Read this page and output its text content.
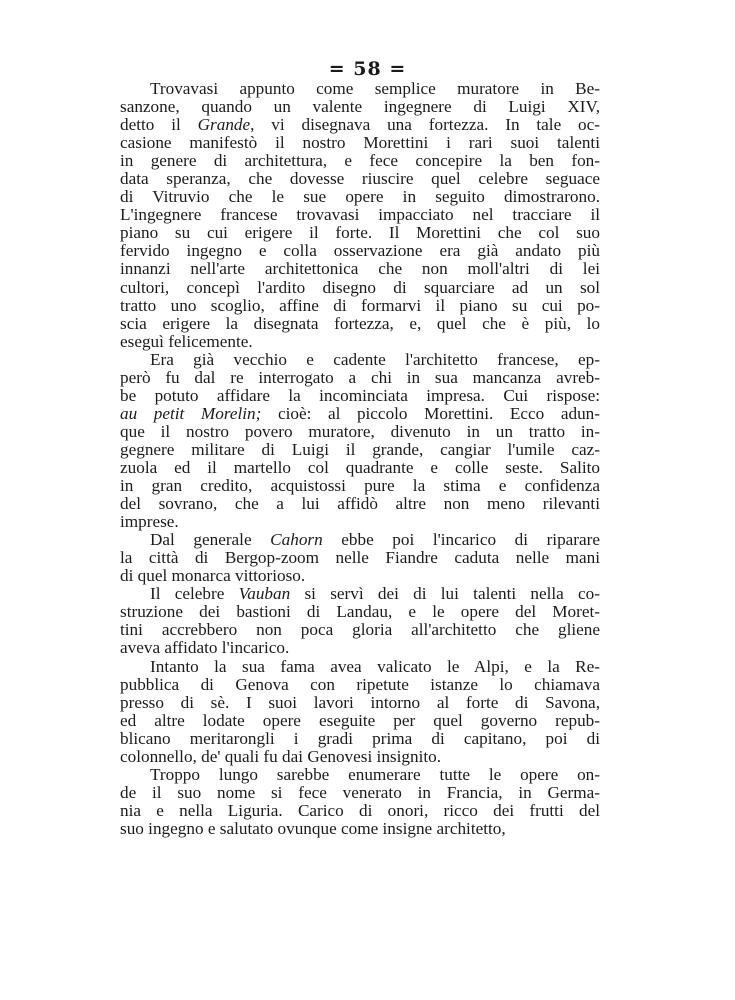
= 58 =
Trovavasi appunto come semplice muratore in Be-
sanzone, quando un valente ingegnere di Luigi XIV,
detto il Grande, vi disegnava una fortezza. In tale oc-
casione manifestò il nostro Morettini i rari suoi talenti
in genere di architettura, e fece concepire la ben fon-
data speranza, che dovesse riuscire quel celebre seguace
di Vitruvio che le sue opere in seguito dimostrarono.
L'ingegnere francese trovavasi impacciato nel tracciare il
piano su cui erigere il forte. Il Morettini che col suo
fervido ingegno e colla osservazione era già andato più
innanzi nell'arte architettonica che non moll'altri di lei
cultori, concepì l'ardito disegno di squarciare ad un sol
tratto uno scoglio, affine di formarvi il piano su cui po-
scia erigere la disegnata fortezza, e, quel che è più, lo
eseguì felicemente.
Era già vecchio e cadente l'architetto francese, ep-
però fu dal re interrogato a chi in sua mancanza avreb-
be potuto affidare la incominciata impresa. Cui rispose:
au petit Morelin; cioè: al piccolo Morettini. Ecco adun-
que il nostro povero muratore, divenuto in un tratto in-
gegnere militare di Luigi il grande, cangiar l'umile caz-
zuola ed il martello col quadrante e colle seste. Salito
in gran credito, acquistossi pure la stima e confidenza
del sovrano, che a lui affidò altre non meno rilevanti
imprese.
Dal generale Cahorn ebbe poi l'incarico di riparare
la città di Bergop-zoom nelle Fiandre caduta nelle mani
di quel monarca vittorioso.
Il celebre Vauban si servì dei di lui talenti nella co-
struzione dei bastioni di Landau, e le opere del Moret-
tini accrebbero non poca gloria all'architetto che gliene
aveva affidato l'incarico.
Intanto la sua fama avea valicato le Alpi, e la Re-
pubblica di Genova con ripetute istanze lo chiamava
presso di sè. I suoi lavori intorno al forte di Savona,
ed altre lodate opere eseguite per quel governo repub-
blicano meritarongli i gradi prima di capitano, poi di
colonnello, de' quali fu dai Genovesi insignito.
Troppo lungo sarebbe enumerare tutte le opere on-
de il suo nome si fece venerato in Francia, in Germa-
nia e nella Liguria. Carico di onori, ricco dei frutti del
suo ingegno e salutato ovunque come insigne architetto,
